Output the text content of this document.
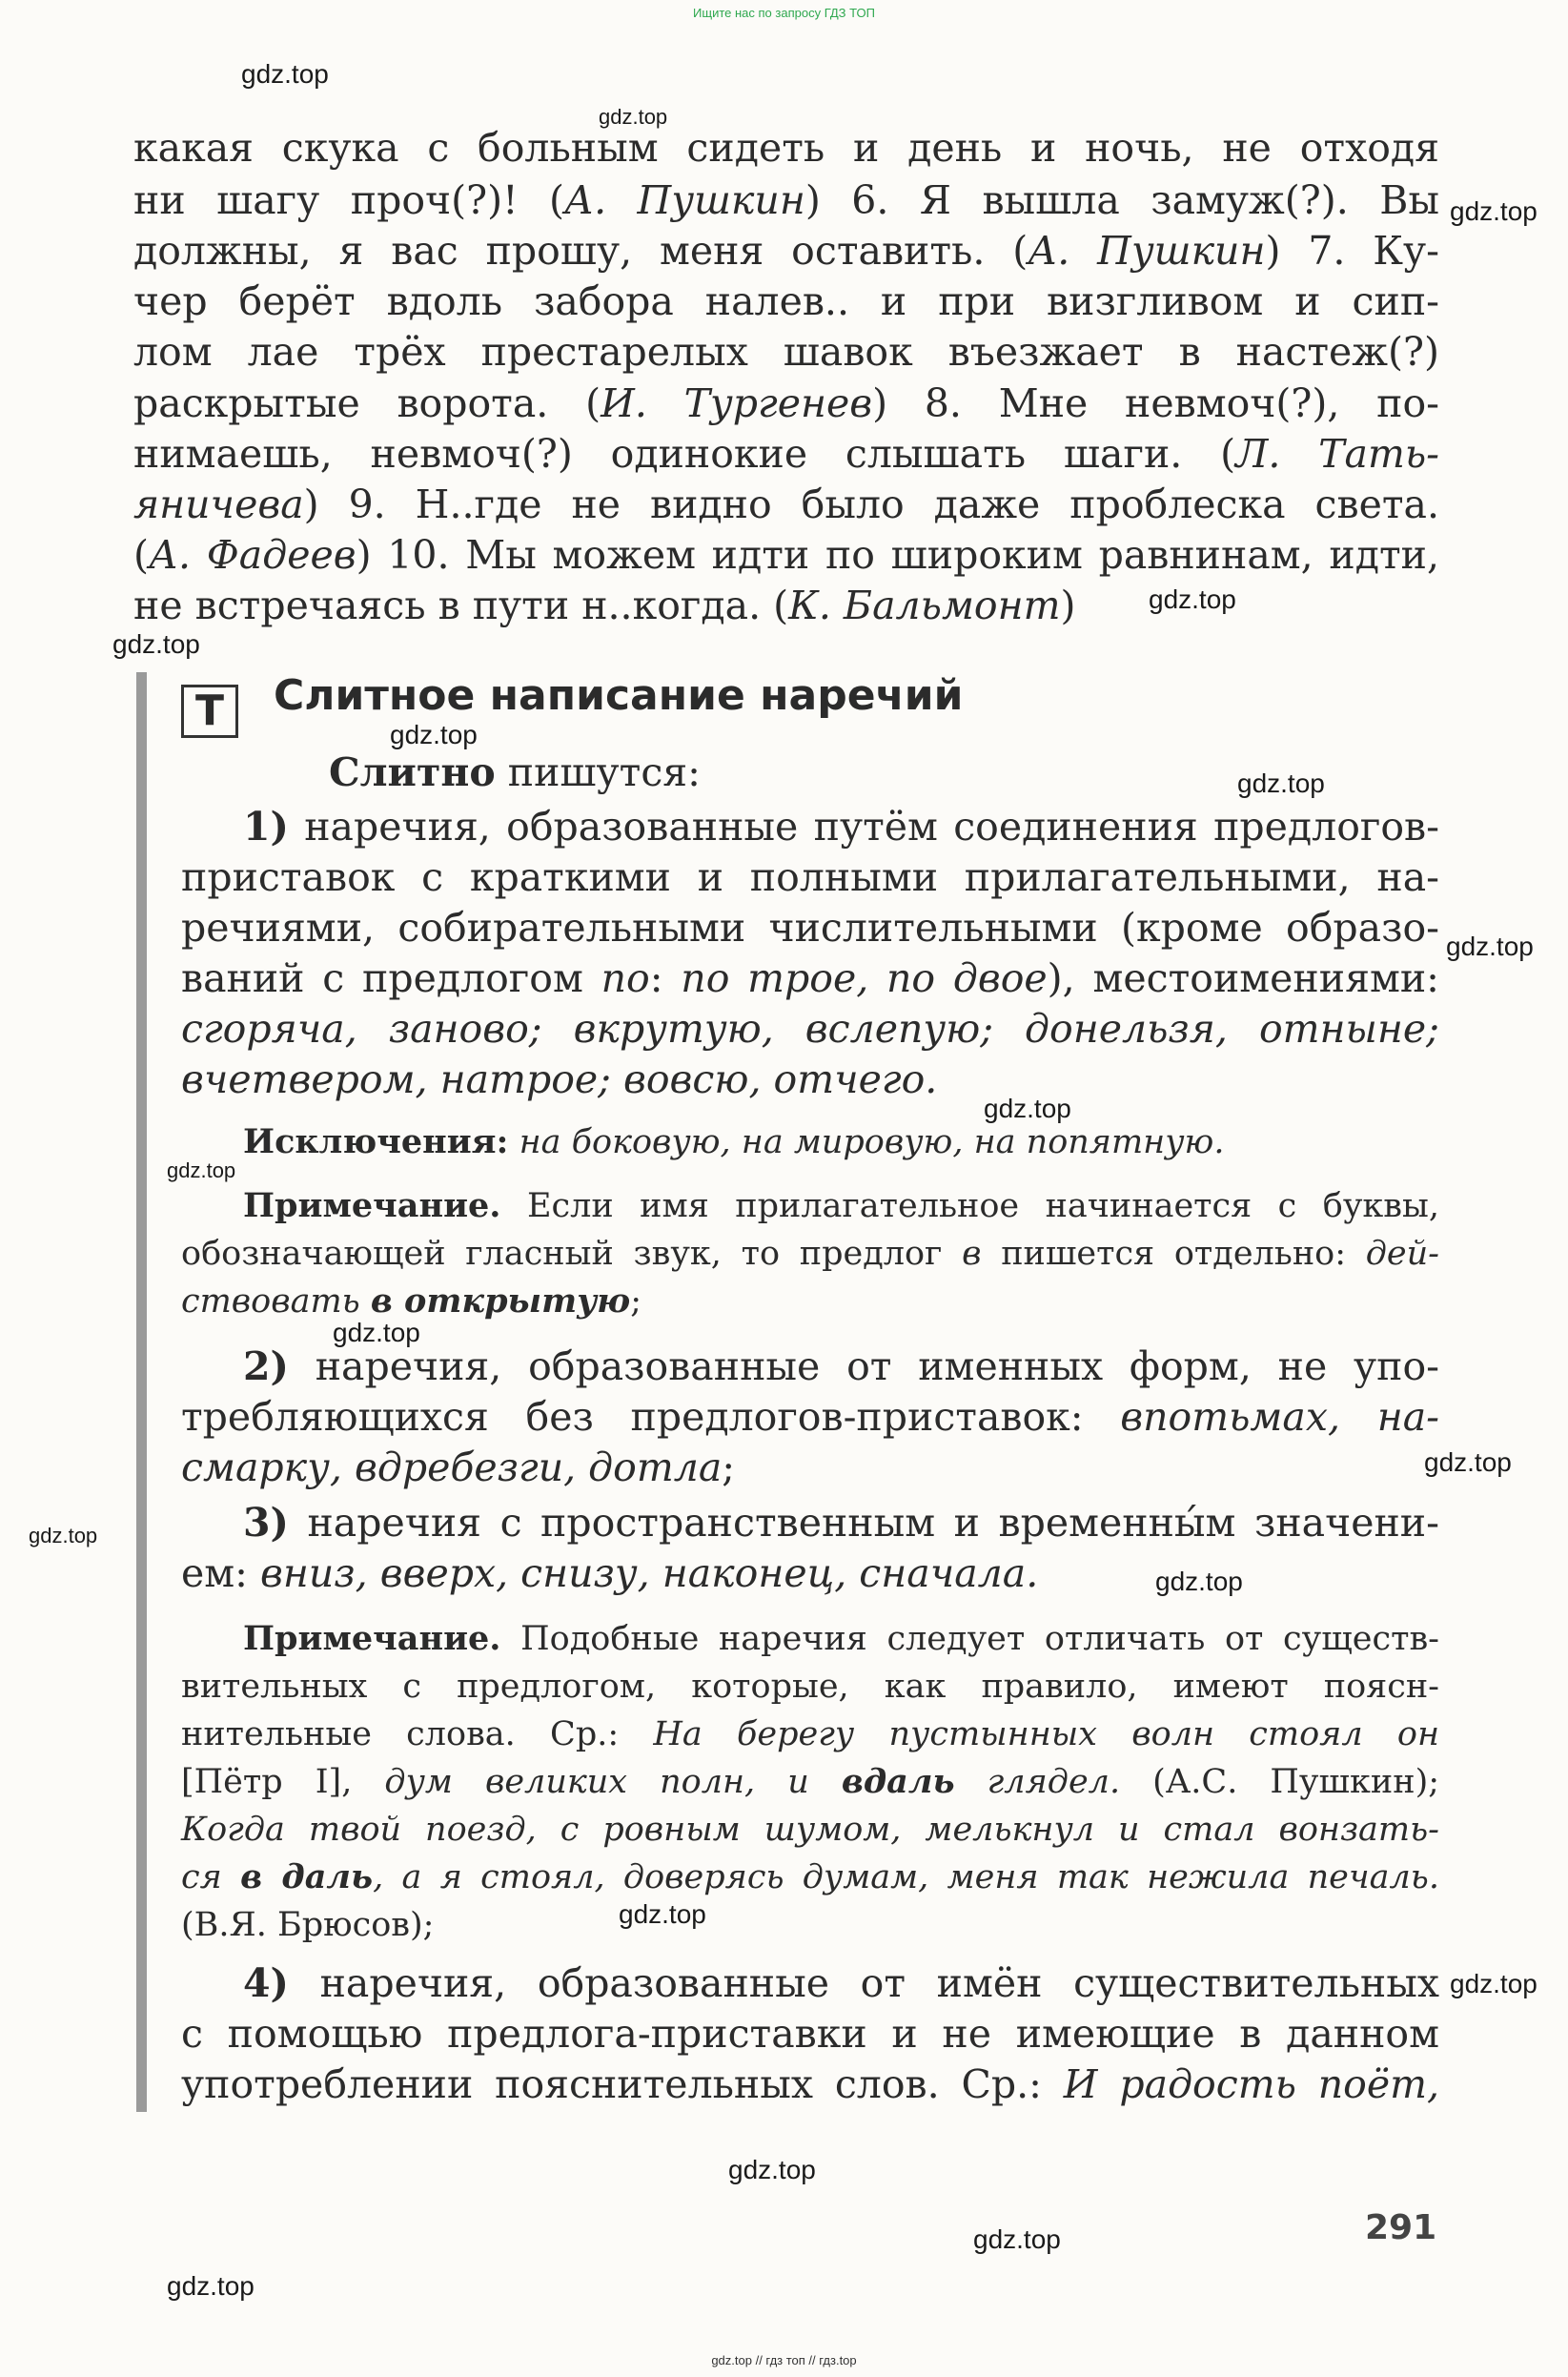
Ищите нас по запросу ГДЗ ТОП
какая скука с больным сидеть и день и ночь, не отходя
ни шагу проч(?)! (А. Пушкин) 6. Я вышла замуж(?). Вы
должны, я вас прошу, меня оставить. (А. Пушкин) 7. Ку-
чер берёт вдоль забора налев.. и при визгливом и сип-
лом лае трёх престарелых шавок въезжает в настеж(?)
раскрытые ворота. (И. Тургенев) 8. Мне невмоч(?), по-
нимаешь, невмоч(?) одинокие слышать шаги. (Л. Тать-
яничева) 9. Н..где не видно было даже проблеска света.
(А. Фадеев) 10. Мы можем идти по широким равнинам, идти,
не встречаясь в пути н..когда. (К. Бальмонт)
Т	Слитное написание наречий
Слитно пишутся:
1) наречия, образованные путём соединения предлогов-
приставок с краткими и полными прилагательными, на-
речиями, собирательными числительными (кроме образо-
ваний с предлогом по: по трое, по двое), местоимениями:
сгоряча, заново; вкрутую, вслепую; донельзя, отныне;
вчетвером, натрое; вовсю, отчего.
Исключения: на боковую, на мировую, на попятную.
Примечание. Если имя прилагательное начинается с буквы,
обозначающей гласный звук, то предлог в пишется отдельно: дей-
ствовать в открытую;
2) наречия, образованные от именных форм, не упо-
требляющихся без предлогов-приставок: впотьмах, на-
смарку, вдребезги, дотла;
3) наречия с пространственным и временны́м значени-
ем: вниз, вверх, снизу, наконец, сначала.
Примечание. Подобные наречия следует отличать от существ-
вительных с предлогом, которые, как правило, имеют поясн-
нительные слова. Ср.: На берегу пустынных волн стоял он
[Пётр I], дум великих полн, и вдаль глядел. (А.С. Пушкин);
Когда твой поезд, с ровным шумом, мелькнул и стал вонзать-
ся в даль, а я стоял, доверясь думам, меня так нежила печаль.
(В.Я. Брюсов);
4) наречия, образованные от имён существительных
с помощью предлога-приставки и не имеющие в данном
употреблении пояснительных слов. Ср.: И радость поёт,
291
gdz.top
gdz.top
gdz.top
gdz.top
gdz.top
gdz.top
gdz.top
gdz.top
gdz.top
gdz.top
gdz.top
gdz.top
gdz.top
gdz.top
gdz.top
gdz.top
gdz.top
gdz.top
gdz.top
gdz.top // гдз топ // гдз.top
